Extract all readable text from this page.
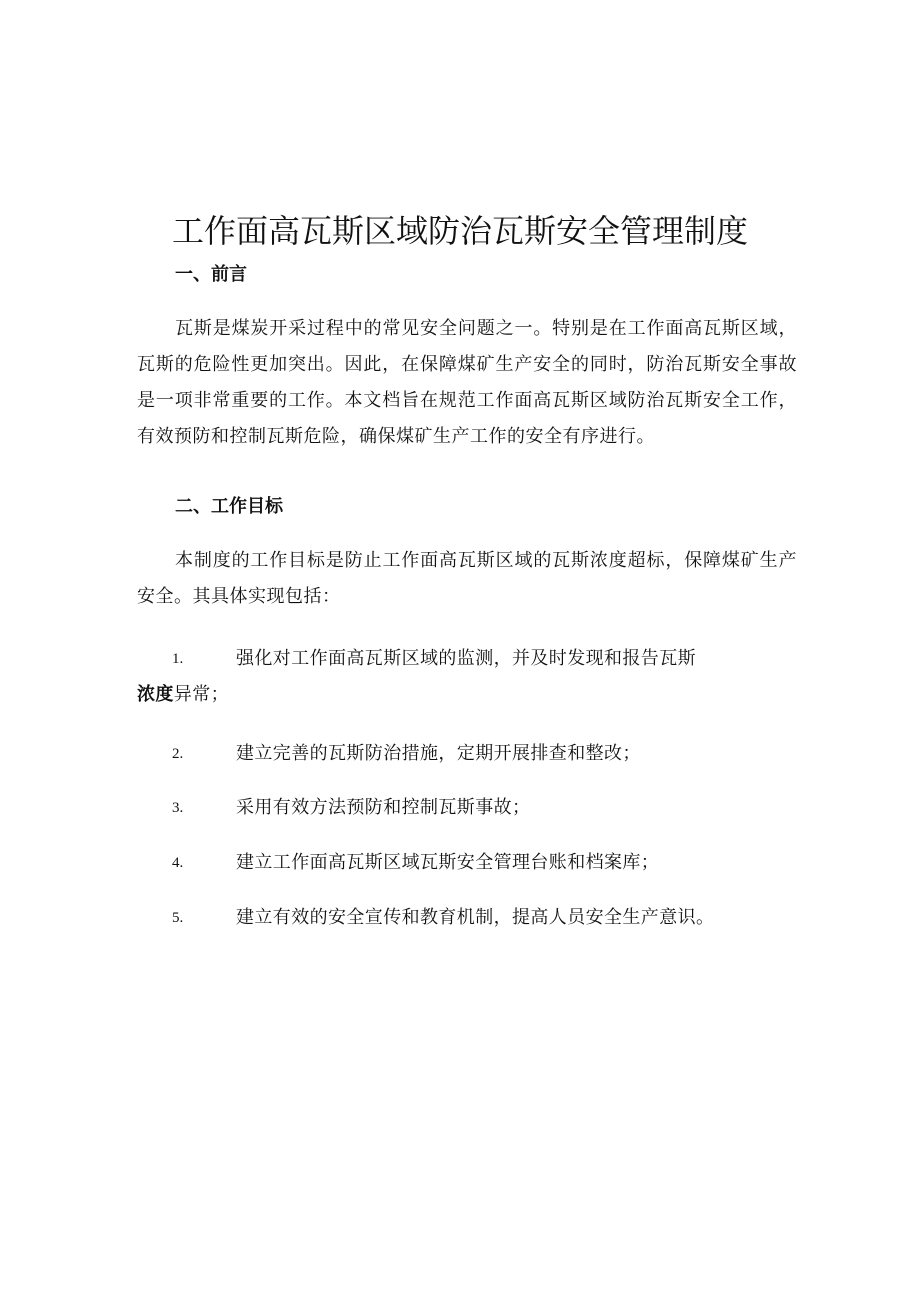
工作面高瓦斯区域防治瓦斯安全管理制度
一、前言

瓦斯是煤炭开采过程中的常见安全问题之一。特别是在工作面高瓦斯区域，瓦斯的危险性更加突出。因此，在保障煤矿生产安全的同时，防治瓦斯安全事故是一项非常重要的工作。本文档旨在规范工作面高瓦斯区域防治瓦斯安全工作，有效预防和控制瓦斯危险，确保煤矿生产工作的安全有序进行。

二、工作目标

本制度的工作目标是防止工作面高瓦斯区域的瓦斯浓度超标，保障煤矿生产安全。其具体实现包括：

1.	强化对工作面高瓦斯区域的监测，并及时发现和报告瓦斯
浓度异常；
2.	建立完善的瓦斯防治措施，定期开展排查和整改；
3.	采用有效方法预防和控制瓦斯事故；
4.	建立工作面高瓦斯区域瓦斯安全管理台账和档案库；
5.	建立有效的安全宣传和教育机制，提高人员安全生产意识。
